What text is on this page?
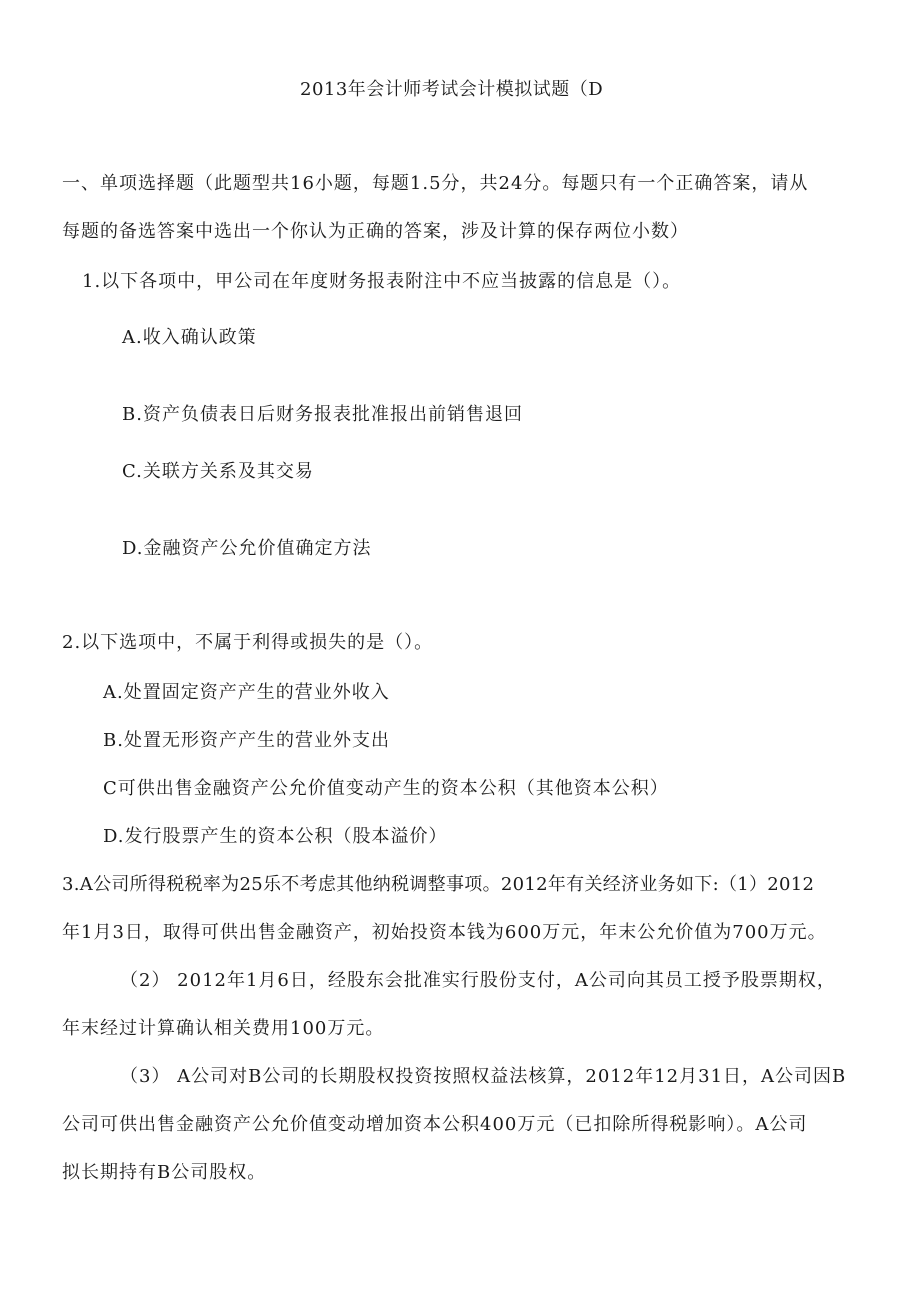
2013年会计师考试会计模拟试题（D
一、单项选择题（此题型共16小题，每题1.5分，共24分。每题只有一个正确答案，请从
每题的备选答案中选出一个你认为正确的答案，涉及计算的保存两位小数）
1.以下各项中，甲公司在年度财务报表附注中不应当披露的信息是（）。
A.收入确认政策
B.资产负债表日后财务报表批准报出前销售退回
C.关联方关系及其交易
D.金融资产公允价值确定方法
2.以下选项中，不属于利得或损失的是（）。
A.处置固定资产产生的营业外收入
B.处置无形资产产生的营业外支出
C可供出售金融资产公允价值变动产生的资本公积（其他资本公积）
D.发行股票产生的资本公积（股本溢价）
3.A公司所得税税率为25乐不考虑其他纳税调整事项。2012年有关经济业务如下:（1）2012
年1月3日，取得可供出售金融资产，初始投资本钱为600万元，年末公允价值为700万元。
（2） 2012年1月6日，经股东会批准实行股份支付，A公司向其员工授予股票期权，
年末经过计算确认相关费用100万元。
（3） A公司对B公司的长期股权投资按照权益法核算，2012年12月31日，A公司因B
公司可供出售金融资产公允价值变动增加资本公积400万元（已扣除所得税影响）。A公司
拟长期持有B公司股权。
